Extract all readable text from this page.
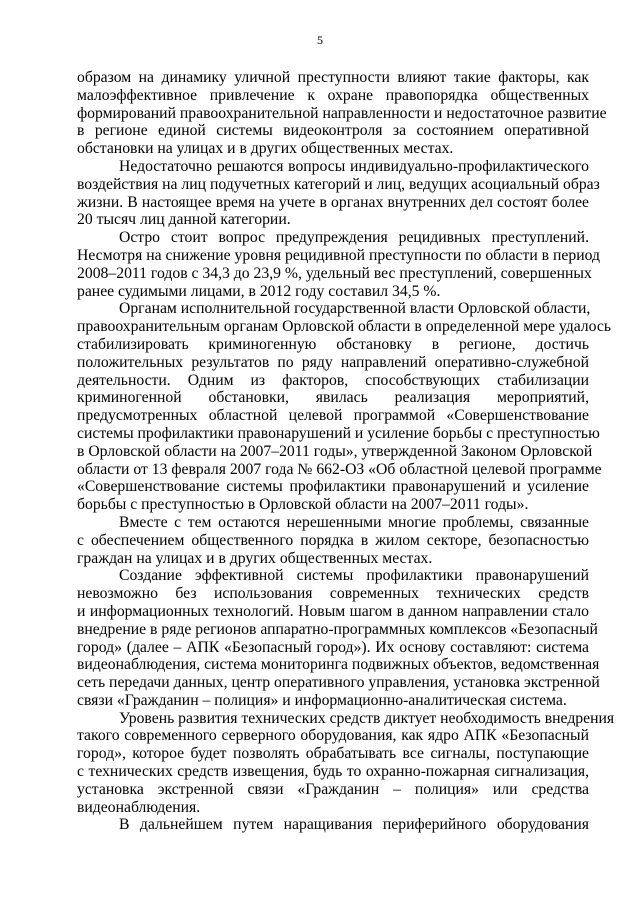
5
образом на динамику уличной преступности влияют такие факторы, как
малоэффективное привлечение к охране правопорядка общественных
формирований правоохранительной направленности и недостаточное развитие
в регионе единой системы видеоконтроля за состоянием оперативной
обстановки на улицах и в других общественных местах.
Недостаточно решаются вопросы индивидуально-профилактического
воздействия на лиц подучетных категорий и лиц, ведущих асоциальный образ
жизни. В настоящее время на учете в органах внутренних дел состоят более
20 тысяч лиц данной категории.
Остро стоит вопрос предупреждения рецидивных преступлений.
Несмотря на снижение уровня рецидивной преступности по области в период
2008–2011 годов с 34,3 до 23,9 %, удельный вес преступлений, совершенных
ранее судимыми лицами, в 2012 году составил 34,5 %.
Органам исполнительной государственной власти Орловской области,
правоохранительным органам Орловской области в определенной мере удалось
стабилизировать криминогенную обстановку в регионе, достичь
положительных результатов по ряду направлений оперативно-служебной
деятельности. Одним из факторов, способствующих стабилизации
криминогенной обстановки, явилась реализация мероприятий,
предусмотренных областной целевой программой «Совершенствование
системы профилактики правонарушений и усиление борьбы с преступностью
в Орловской области на 2007–2011 годы», утвержденной Законом Орловской
области от 13 февраля 2007 года № 662-ОЗ «Об областной целевой программе
«Совершенствование системы профилактики правонарушений и усиление
борьбы с преступностью в Орловской области на 2007–2011 годы».
Вместе с тем остаются нерешенными многие проблемы, связанные
с обеспечением общественного порядка в жилом секторе, безопасностью
граждан на улицах и в других общественных местах.
Создание эффективной системы профилактики правонарушений
невозможно без использования современных технических средств
и информационных технологий. Новым шагом в данном направлении стало
внедрение в ряде регионов аппаратно-программных комплексов «Безопасный
город» (далее – АПК «Безопасный город»). Их основу составляют: система
видеонаблюдения, система мониторинга подвижных объектов, ведомственная
сеть передачи данных, центр оперативного управления, установка экстренной
связи «Гражданин – полиция» и информационно-аналитическая система.
Уровень развития технических средств диктует необходимость внедрения
такого современного серверного оборудования, как ядро АПК «Безопасный
город», которое будет позволять обрабатывать все сигналы, поступающие
с технических средств извещения, будь то охранно-пожарная сигнализация,
установка экстренной связи «Гражданин – полиция» или средства
видеонаблюдения.
В дальнейшем путем наращивания периферийного оборудования
